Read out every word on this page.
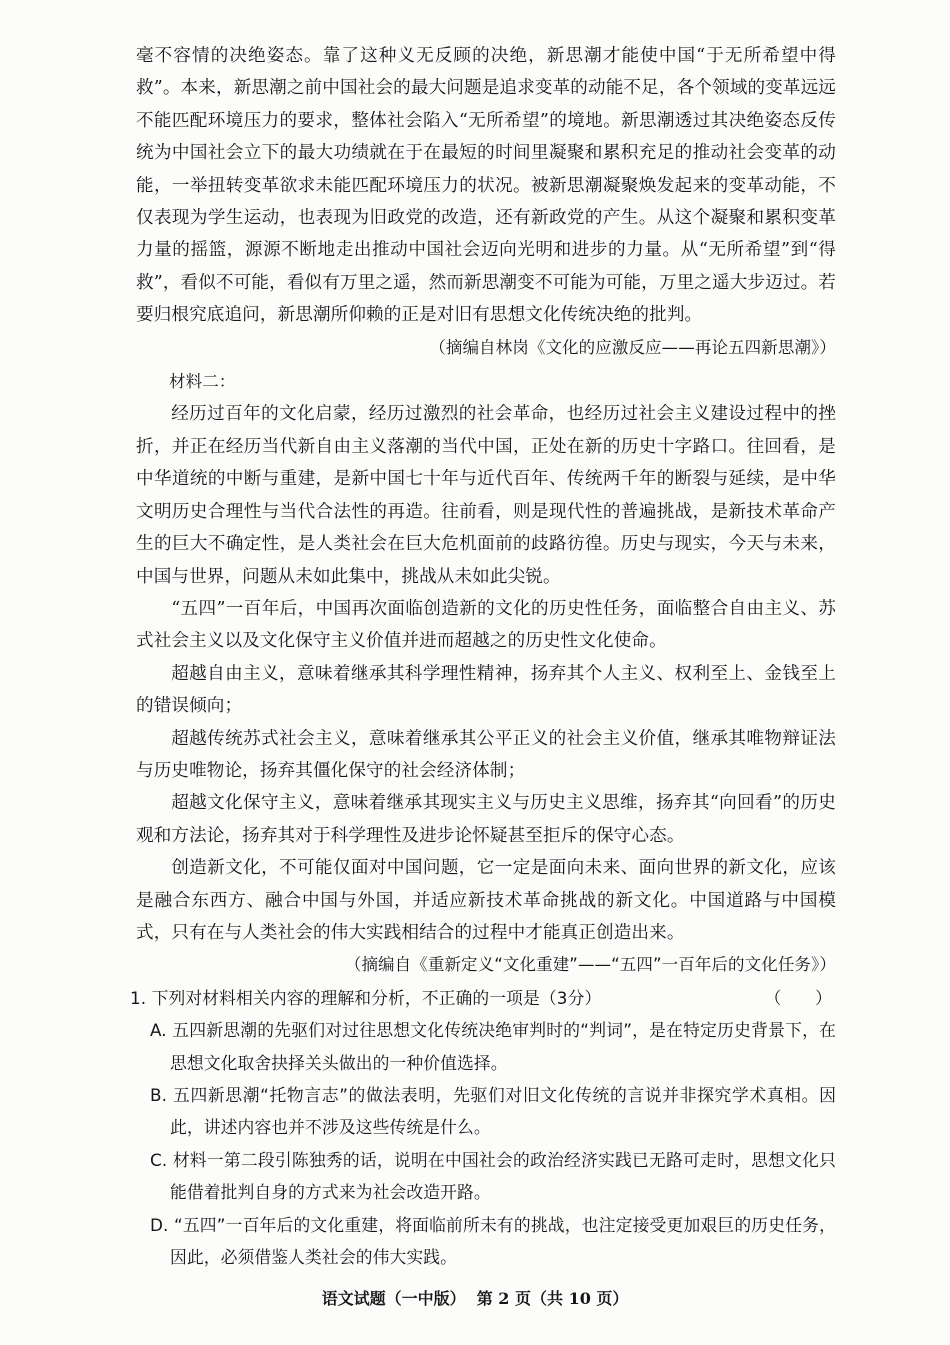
毫不容情的决绝姿态。靠了这种义无反顾的决绝，新思潮才能使中国“于无所希望中得救”。本来，新思潮之前中国社会的最大问题是追求变革的动能不足，各个领域的变革远远不能匹配环境压力的要求，整体社会陷入“无所希望”的境地。新思潮透过其决绝姿态反传统为中国社会立下的最大功绩就在于在最短的时间里凝聚和累积充足的推动社会变革的动能，一举扭转变革欲求未能匹配环境压力的状况。被新思潮凝聚焕发起来的变革动能，不仅表现为学生运动，也表现为旧政党的改造，还有新政党的产生。从这个凝聚和累积变革力量的摇篮，源源不断地走出推动中国社会迈向光明和进步的力量。从“无所希望”到“得救”，看似不可能，看似有万里之遥，然而新思潮变不可能为可能，万里之遥大步迈过。若要归根究底追问，新思潮所仰赖的正是对旧有思想文化传统决绝的批判。

（摘编自林岗《文化的应激反应——再论五四新思潮》）

材料二：

经历过百年的文化启蒙，经历过激烈的社会革命，也经历过社会主义建设过程中的挫折，并正在经历当代新自由主义落潮的当代中国，正处在新的历史十字路口。往回看，是中华道统的中断与重建，是新中国七十年与近代百年、传统两千年的断裂与延续，是中华文明历史合理性与当代合法性的再造。往前看，则是现代性的普遍挑战，是新技术革命产生的巨大不确定性，是人类社会在巨大危机面前的歧路彷徨。历史与现实，今天与未来，中国与世界，问题从未如此集中，挑战从未如此尖锐。

“五四”一百年后，中国再次面临创造新的文化的历史性任务，面临整合自由主义、苏式社会主义以及文化保守主义价值并进而超越之的历史性文化使命。

超越自由主义，意味着继承其科学理性精神，扬弃其个人主义、权利至上、金钱至上的错误倾向；

超越传统苏式社会主义，意味着继承其公平正义的社会主义价值，继承其唯物辩证法与历史唯物论，扬弃其僵化保守的社会经济体制；

超越文化保守主义，意味着继承其现实主义与历史主义思维，扬弃其“向回看”的历史观和方法论，扬弃其对于科学理性及进步论怀疑甚至拒斥的保守心态。

创造新文化，不可能仅面对中国问题，它一定是面向未来、面向世界的新文化，应该是融合东西方、融合中国与外国，并适应新技术革命挑战的新文化。中国道路与中国模式，只有在与人类社会的伟大实践相结合的过程中才能真正创造出来。

（摘编自《重新定义“文化重建”——“五四”一百年后的文化任务》）

1. 下列对材料相关内容的理解和分析，不正确的一项是（3分）	（　　）

A. 五四新思潮的先驱们对过往思想文化传统决绝审判时的“判词”，是在特定历史背景下，在思想文化取舍抉择关头做出的一种价值选择。

B. 五四新思潮“托物言志”的做法表明，先驱们对旧文化传统的言说并非探究学术真相。因此，讲述内容也并不涉及这些传统是什么。

C. 材料一第二段引陈独秀的话，说明在中国社会的政治经济实践已无路可走时，思想文化只能借着批判自身的方式来为社会改造开路。

D. “五四”一百年后的文化重建，将面临前所未有的挑战，也注定接受更加艰巨的历史任务，因此，必须借鉴人类社会的伟大实践。

语文试题（一中版） 第 2 页（共 10 页）
